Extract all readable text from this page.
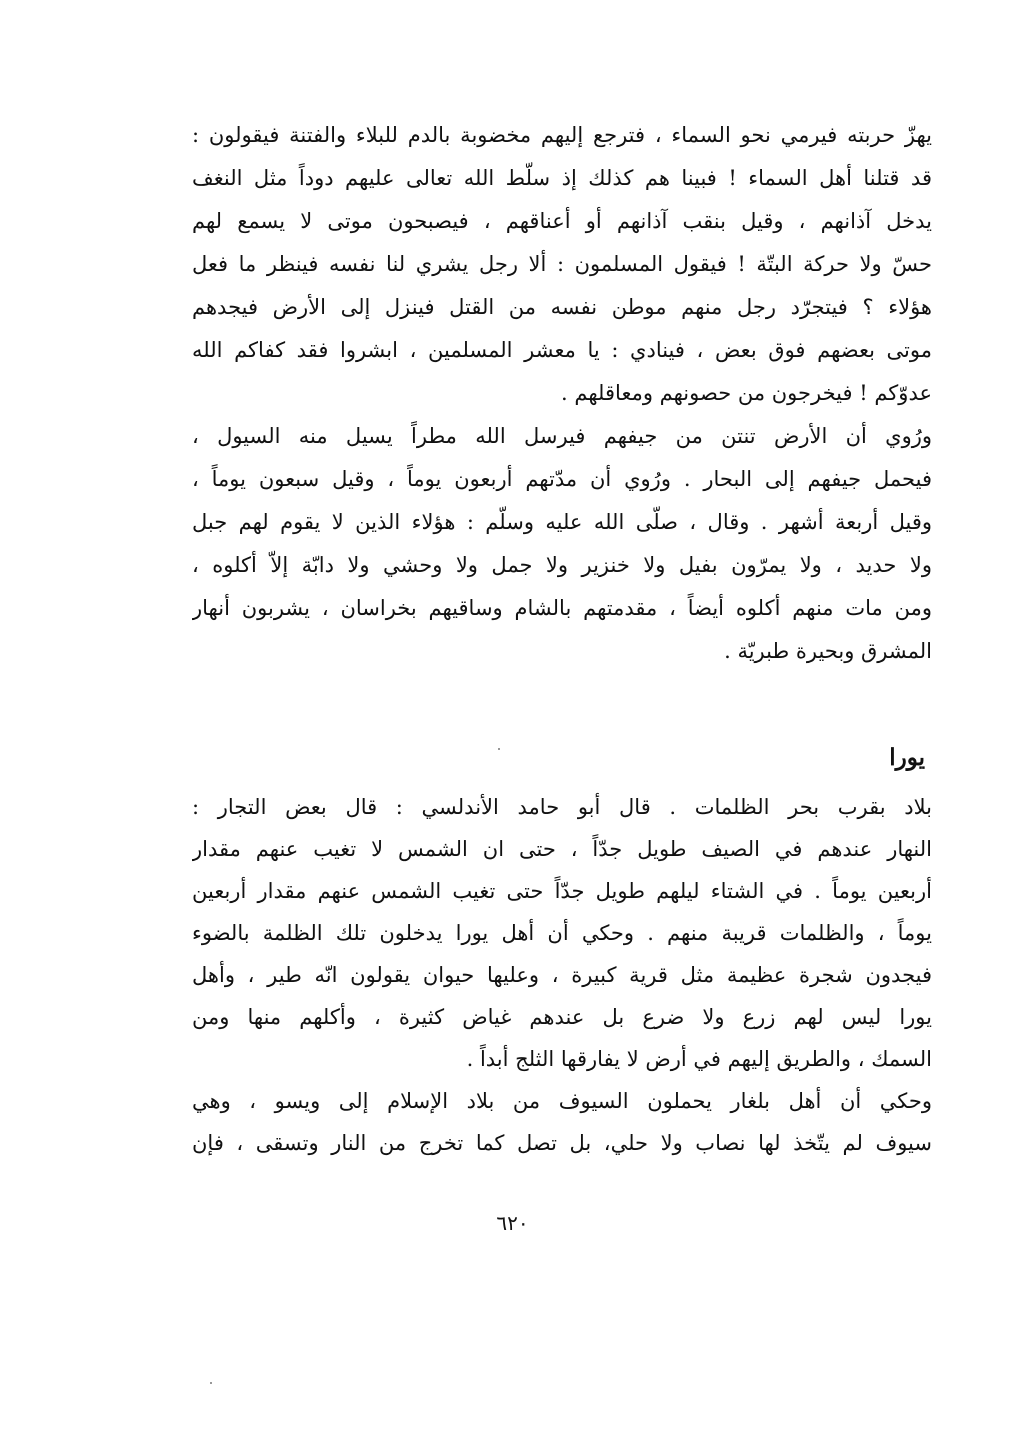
يهزّ حربته فيرمي نحو السماء ، فترجع إليهم مخضوبة بالدم للبلاء والفتنة فيقولون :
قد قتلنا أهل السماء ! فبينا هم كذلك إذ سلّط الله تعالى عليهم دوداً مثل النغف
يدخل آذانهم ، وقيل بنقب آذانهم أو أعناقهم ، فيصبحون موتى لا يسمع لهم
حسّ ولا حركة البتّة ! فيقول المسلمون : ألا رجل يشري لنا نفسه فينظر ما فعل
هؤلاء ؟ فيتجرّد رجل منهم موطن نفسه من القتل فينزل إلى الأرض فيجدهم
موتى بعضهم فوق بعض ، فينادي : يا معشر المسلمين ، ابشروا فقد كفاكم الله
عدوّكم ! فيخرجون من حصونهم ومعاقلهم .
ورُوي أن الأرض تنتن من جيفهم فيرسل الله مطراً يسيل منه السيول ،
فيحمل جيفهم إلى البحار . ورُوي أن مدّتهم أربعون يوماً ، وقيل سبعون يوماً ،
وقيل أربعة أشهر . وقال ، صلّى الله عليه وسلّم : هؤلاء الذين لا يقوم لهم جبل
ولا حديد ، ولا يمرّون بفيل ولا خنزير ولا جمل ولا وحشي ولا دابّة إلاّ أكلوه ،
ومن مات منهم أكلوه أيضاً ، مقدمتهم بالشام وساقيهم بخراسان ، يشربون أنهار
المشرق وبحيرة طبريّة .
يورا
بلاد بقرب بحر الظلمات . قال أبو حامد الأندلسي : قال بعض التجار :
النهار عندهم في الصيف طويل جدّاً ، حتى ان الشمس لا تغيب عنهم مقدار
أربعين يوماً . في الشتاء ليلهم طويل جدّاً حتى تغيب الشمس عنهم مقدار أربعين
يوماً ، والظلمات قريبة منهم . وحكي أن أهل يورا يدخلون تلك الظلمة بالضوء
فيجدون شجرة عظيمة مثل قرية كبيرة ، وعليها حيوان يقولون انّه طير ، وأهل
يورا ليس لهم زرع ولا ضرع بل عندهم غياض كثيرة ، وأكلهم منها ومن
السمك ، والطريق إليهم في أرض لا يفارقها الثلج أبداً .
وحكي أن أهل بلغار يحملون السيوف من بلاد الإسلام إلى ويسو ، وهي
سيوف لم يتّخذ لها نصاب ولا حلي، بل تصل كما تخرج من النار وتسقى ، فإن
٦٢٠
